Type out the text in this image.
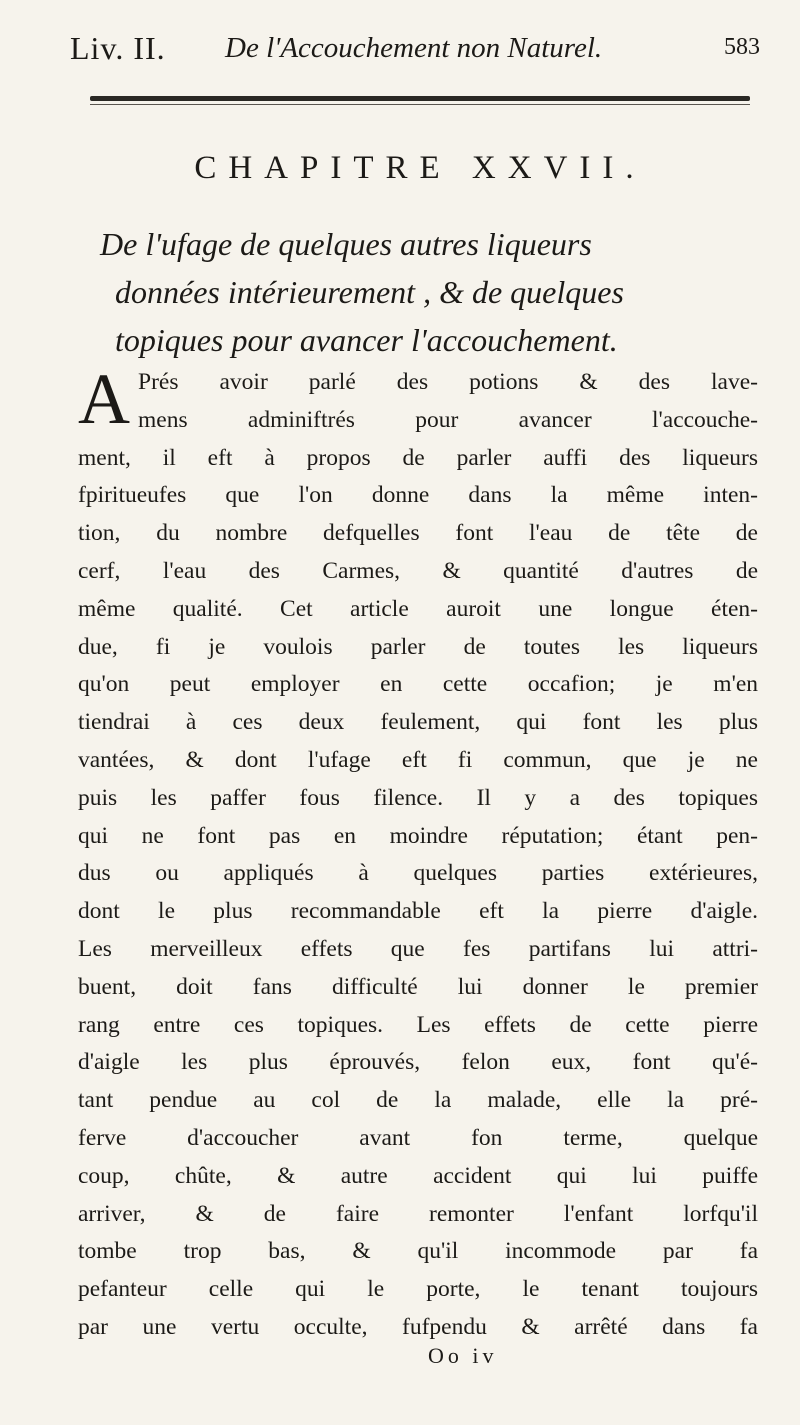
Liv. II. De l'Accouchement non Naturel.	583
CHAPITRE XXVII.
De l'ufage de quelques autres liqueurs
données intérieurement , & de quelques
topiques pour avancer l'accouchement.
A Prés avoir parlé des potions & des lave-
mens adminiftrés pour avancer l'accouche-
ment, il eft à propos de parler auffi des liqueurs
fpiritueufes que l'on donne dans la même inten-
tion, du nombre defquelles font l'eau de tête de
cerf, l'eau des Carmes, & quantité d'autres de
même qualité. Cet article auroit une longue éten-
due, fi je voulois parler de toutes les liqueurs
qu'on peut employer en cette occafion; je m'en
tiendrai à ces deux feulement, qui font les plus
vantées, & dont l'ufage eft fi commun, que je ne
puis les paffer fous filence. Il y a des topiques
qui ne font pas en moindre réputation; étant pen-
dus ou appliqués à quelques parties extérieures,
dont le plus recommandable eft la pierre d'aigle.
Les merveilleux effets que fes partifans lui attri-
buent, doit fans difficulté lui donner le premier
rang entre ces topiques. Les effets de cette pierre
d'aigle les plus éprouvés, felon eux, font qu'é-
tant pendue au col de la malade, elle la pré-
ferve d'accoucher avant fon terme, quelque
coup, chûte, & autre accident qui lui puiffe
arriver, & de faire remonter l'enfant lorfqu'il
tombe trop bas, & qu'il incommode par fa
pefanteur celle qui le porte, le tenant toujours
par une vertu occulte, fufpendu & arrêté dans fa
Oo iv
